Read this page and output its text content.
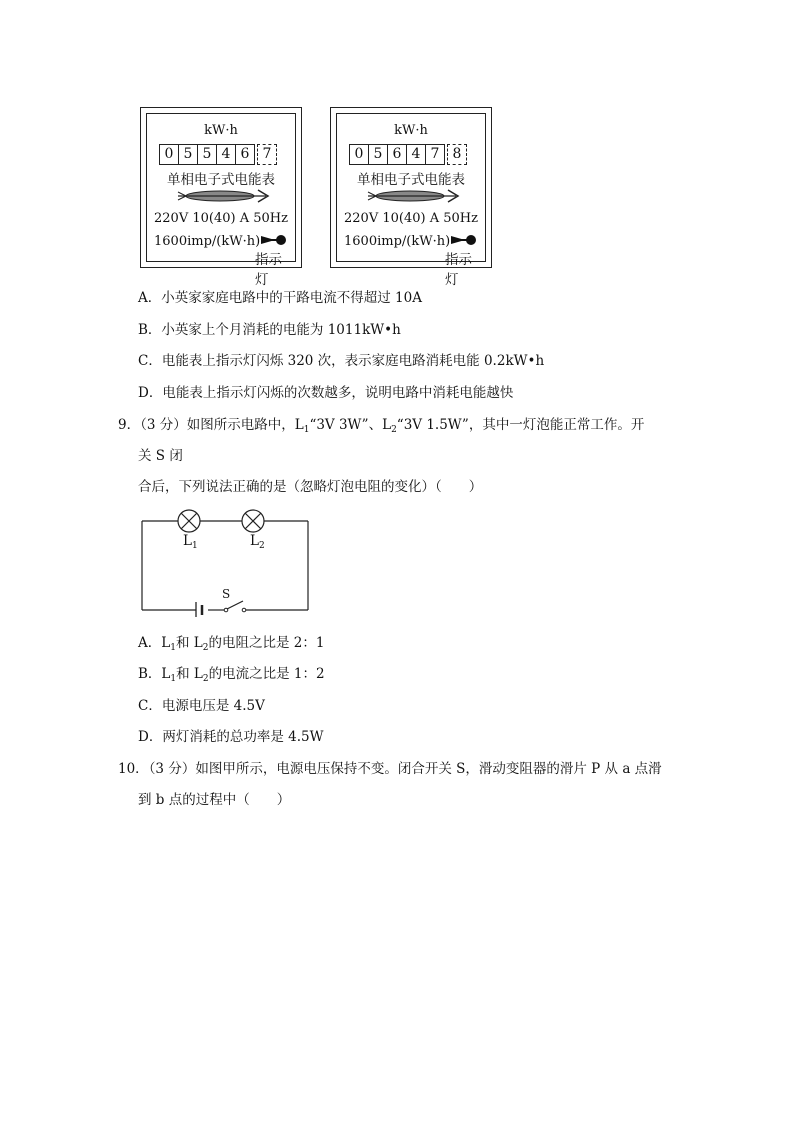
kW·h
0 5 5 4 6 7
单相电子式电能表
220V 10(40) A 50Hz
1600imp/(kW·h)
指示灯
kW·h
0 5 6 4 7 8
单相电子式电能表
220V 10(40) A 50Hz
1600imp/(kW·h)
指示灯
A．小英家家庭电路中的干路电流不得超过 10A
B．小英家上个月消耗的电能为 1011kW•h
C．电能表上指示灯闪烁 320 次，表示家庭电路消耗电能 0.2kW•h
D．电能表上指示灯闪烁的次数越多，说明电路中消耗电能越快
9．（3 分）如图所示电路中，$L_1“3V$ 3W”、$L_2“3V$ 1.5W”，其中一灯泡能正常工作。开
关 S 闭
合后，下列说法正确的是（忽略灯泡电阻的变化）（　　）
$L_1$	$L_2$
S
A．$L_1$和 $L_2$的电阻之比是 2：1
B．$L_1$和 $L_2$的电流之比是 1：2
C．电源电压是 4.5V
D．两灯消耗的总功率是 4.5W
10．（3 分）如图甲所示，电源电压保持不变。闭合开关 S，滑动变阻器的滑片 P 从 a 点滑
到 b 点的过程中（　　）
